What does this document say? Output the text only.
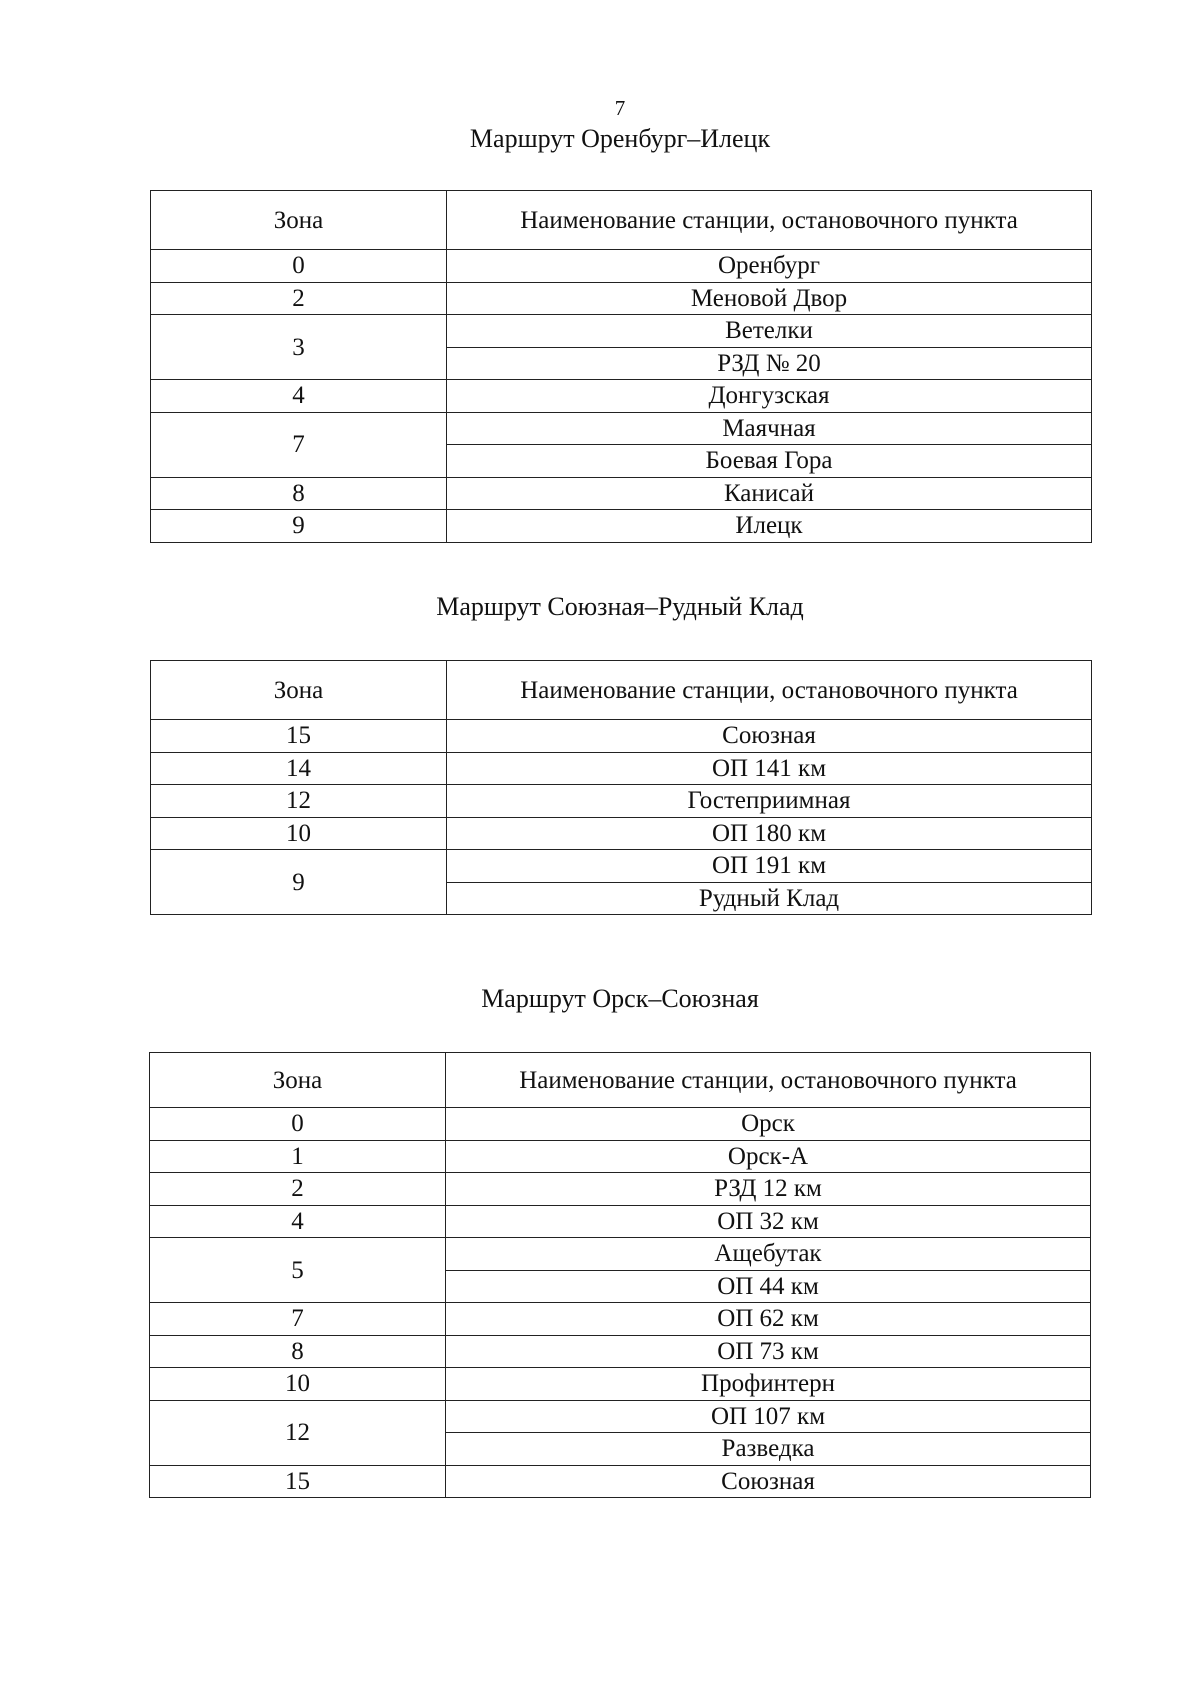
7
Маршрут Оренбург–Илецк
Зона	Наименование станции, остановочного пункта
0	Оренбург
2	Меновой Двор
3	Ветелки
	РЗД № 20
4	Донгузская
7	Маячная
	Боевая Гора
8	Канисай
9	Илецк
Маршрут Союзная–Рудный Клад
Зона	Наименование станции, остановочного пункта
15	Союзная
14	ОП 141 км
12	Гостеприимная
10	ОП 180 км
9	ОП 191 км
	Рудный Клад
Маршрут Орск–Союзная
Зона	Наименование станции, остановочного пункта
0	Орск
1	Орск-А
2	РЗД 12 км
4	ОП 32 км
5	Ащебутак
	ОП 44 км
7	ОП 62 км
8	ОП 73 км
10	Профинтерн
12	ОП 107 км
	Разведка
15	Союзная
